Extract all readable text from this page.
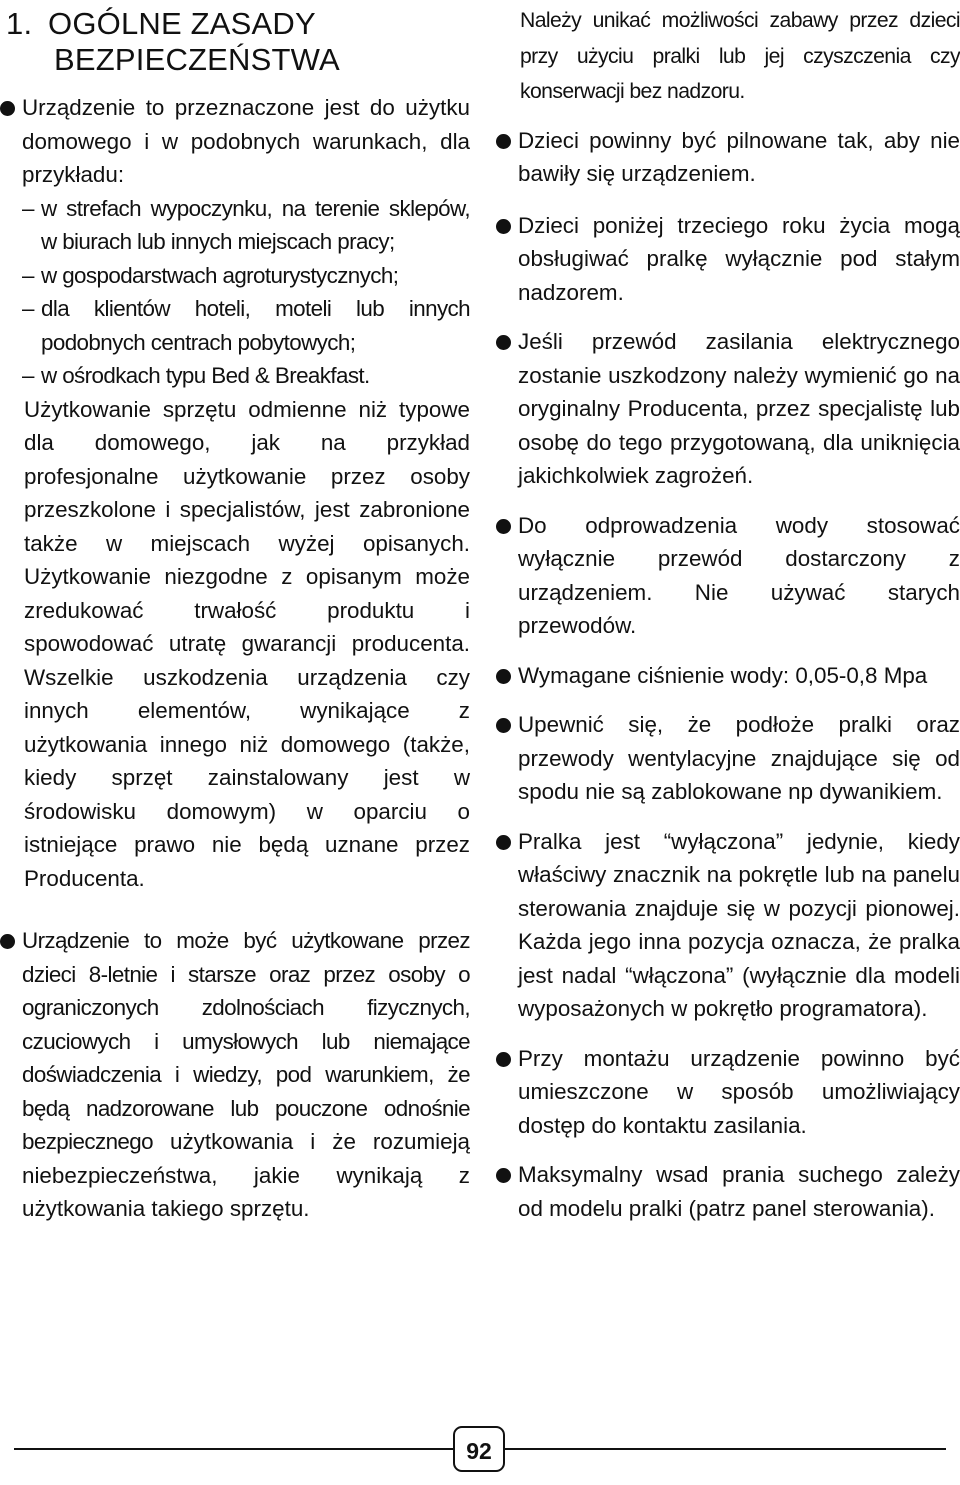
1. OGÓLNE ZASADY
BEZPIECZEŃSTWA

Urządzenie to przeznaczone jest do użytku domowego i w podobnych warunkach, dla przykładu:

– w strefach wypoczynku, na terenie sklepów, w biurach lub innych miejscach pracy;

– w gospodarstwach agroturystycznych;

– dla klientów hoteli, moteli lub innych podobnych centrach pobytowych;

– w ośrodkach typu Bed & Breakfast.

Użytkowanie sprzętu odmienne niż typowe dla domowego, jak na przykład profesjonalne użytkowanie przez osoby przeszkolone i specjalistów, jest zabronione także w miejscach wyżej opisanych. Użytkowanie niezgodne z opisanym może zredukować trwałość produktu i spowodować utratę gwarancji producenta. Wszelkie uszkodzenia urządzenia czy innych elementów, wynikające z użytkowania innego niż domowego (także, kiedy sprzęt zainstalowany jest w środowisku domowym) w oparciu o istniejące prawo nie będą uznane przez Producenta.

Urządzenie to może być użytkowane przez dzieci 8-letnie i starsze oraz przez osoby o ograniczonych zdolnościach fizycznych, czuciowych i umysłowych lub niemające doświadczenia i wiedzy, pod warunkiem, że będą nadzorowane lub pouczone odnośnie bezpiecznego użytkowania i że rozumieją niebezpieczeństwa, jakie wynikają z użytkowania takiego sprzętu.

Należy unikać możliwości zabawy przez dzieci przy użyciu pralki lub jej czyszczenia czy konserwacji bez nadzoru.

Dzieci powinny być pilnowane tak, aby nie bawiły się urządzeniem.

Dzieci poniżej trzeciego roku życia mogą obsługiwać pralkę wyłącznie pod stałym nadzorem.

Jeśli przewód zasilania elektrycznego zostanie uszkodzony należy wymienić go na oryginalny Producenta, przez specjalistę lub osobę do tego przygotowaną, dla uniknięcia jakichkolwiek zagrożeń.

Do odprowadzenia wody stosować wyłącznie przewód dostarczony z urządzeniem. Nie używać starych przewodów.

Wymagane ciśnienie wody: 0,05-0,8 Mpa

Upewnić się, że podłoże pralki oraz przewody wentylacyjne znajdujące się od spodu nie są zablokowane np dywanikiem.

Pralka jest “wyłączona” jedynie, kiedy właściwy znacznik na pokrętle lub na panelu sterowania znajduje się w pozycji pionowej. Każda jego inna pozycja oznacza, że pralka jest nadal “włączona” (wyłącznie dla modeli wyposażonych w pokrętło programatora).

Przy montażu urządzenie powinno być umieszczone w sposób umożliwiający dostęp do kontaktu zasilania.

Maksymalny wsad prania suchego zależy od modelu pralki (patrz panel sterowania).

92
